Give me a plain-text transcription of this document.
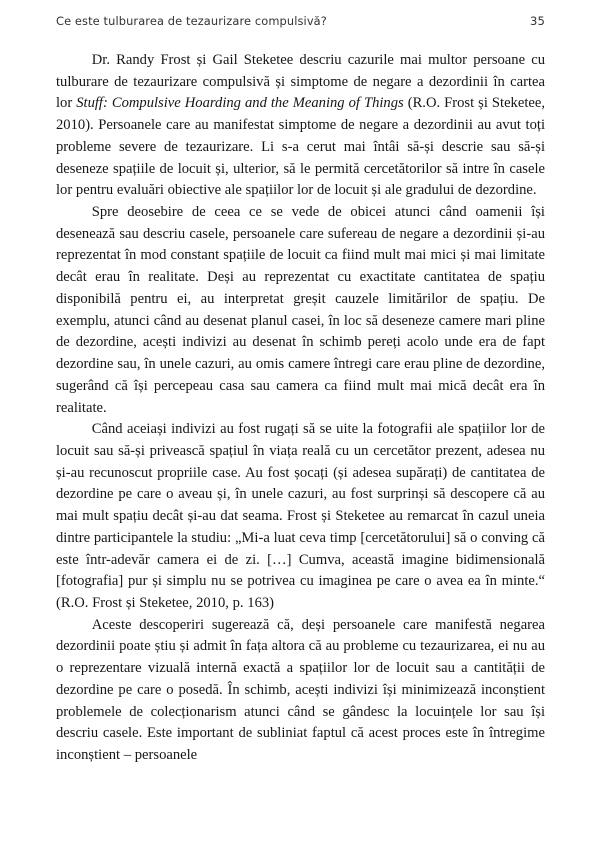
Ce este tulburarea de tezaurizare compulsivă?	35

Dr. Randy Frost și Gail Steketee descriu cazurile mai multor persoane cu tulburare de tezaurizare compulsivă și simptome de negare a dezordinii în cartea lor Stuff: Compulsive Hoarding and the Meaning of Things (R.O. Frost și Steketee, 2010). Persoanele care au manifestat simptome de negare a dezordinii au avut toți probleme severe de tezaurizare. Li s-a cerut mai întâi să-și descrie sau să-și deseneze spațiile de locuit și, ulterior, să le permită cercetătorilor să intre în casele lor pentru evaluări obiective ale spațiilor lor de locuit și ale gradului de dezordine.

Spre deosebire de ceea ce se vede de obicei atunci când oamenii își desenează sau descriu casele, persoanele care sufereau de negare a dezordinii și-au reprezentat în mod constant spațiile de locuit ca fiind mult mai mici și mai limitate decât erau în realitate. Deși au reprezentat cu exactitate cantitatea de spațiu disponibilă pentru ei, au interpretat greșit cauzele limitărilor de spațiu. De exemplu, atunci când au desenat planul casei, în loc să deseneze camere mari pline de dezordine, acești indivizi au desenat în schimb pereți acolo unde era de fapt dezordine sau, în unele cazuri, au omis camere întregi care erau pline de dezordine, sugerând că își percepeau casa sau camera ca fiind mult mai mică decât era în realitate.

Când aceiași indivizi au fost rugați să se uite la fotografii ale spațiilor lor de locuit sau să-și privească spațiul în viața reală cu un cercetător prezent, adesea nu și-au recunoscut propriile case. Au fost șocați (și adesea supărați) de cantitatea de dezordine pe care o aveau și, în unele cazuri, au fost surprinși să descopere că au mai mult spațiu decât și-au dat seama. Frost și Steketee au remarcat în cazul uneia dintre participantele la studiu: „Mi-a luat ceva timp [cercetătorului] să o conving că este într-adevăr camera ei de zi. […] Cumva, această imagine bidimensională [fotografia] pur și simplu nu se potrivea cu imaginea pe care o avea ea în minte.“ (R.O. Frost și Steketee, 2010, p. 163)

Aceste descoperiri sugerează că, deși persoanele care manifestă negarea dezordinii poate știu și admit în fața altora că au probleme cu tezaurizarea, ei nu au o reprezentare vizuală internă exactă a spațiilor lor de locuit sau a cantității de dezordine pe care o posedă. În schimb, acești indivizi își minimizează inconștient problemele de colecționarism atunci când se gândesc la locuințele lor sau își descriu casele. Este important de subliniat faptul că acest proces este în întregime inconștient – persoanele
